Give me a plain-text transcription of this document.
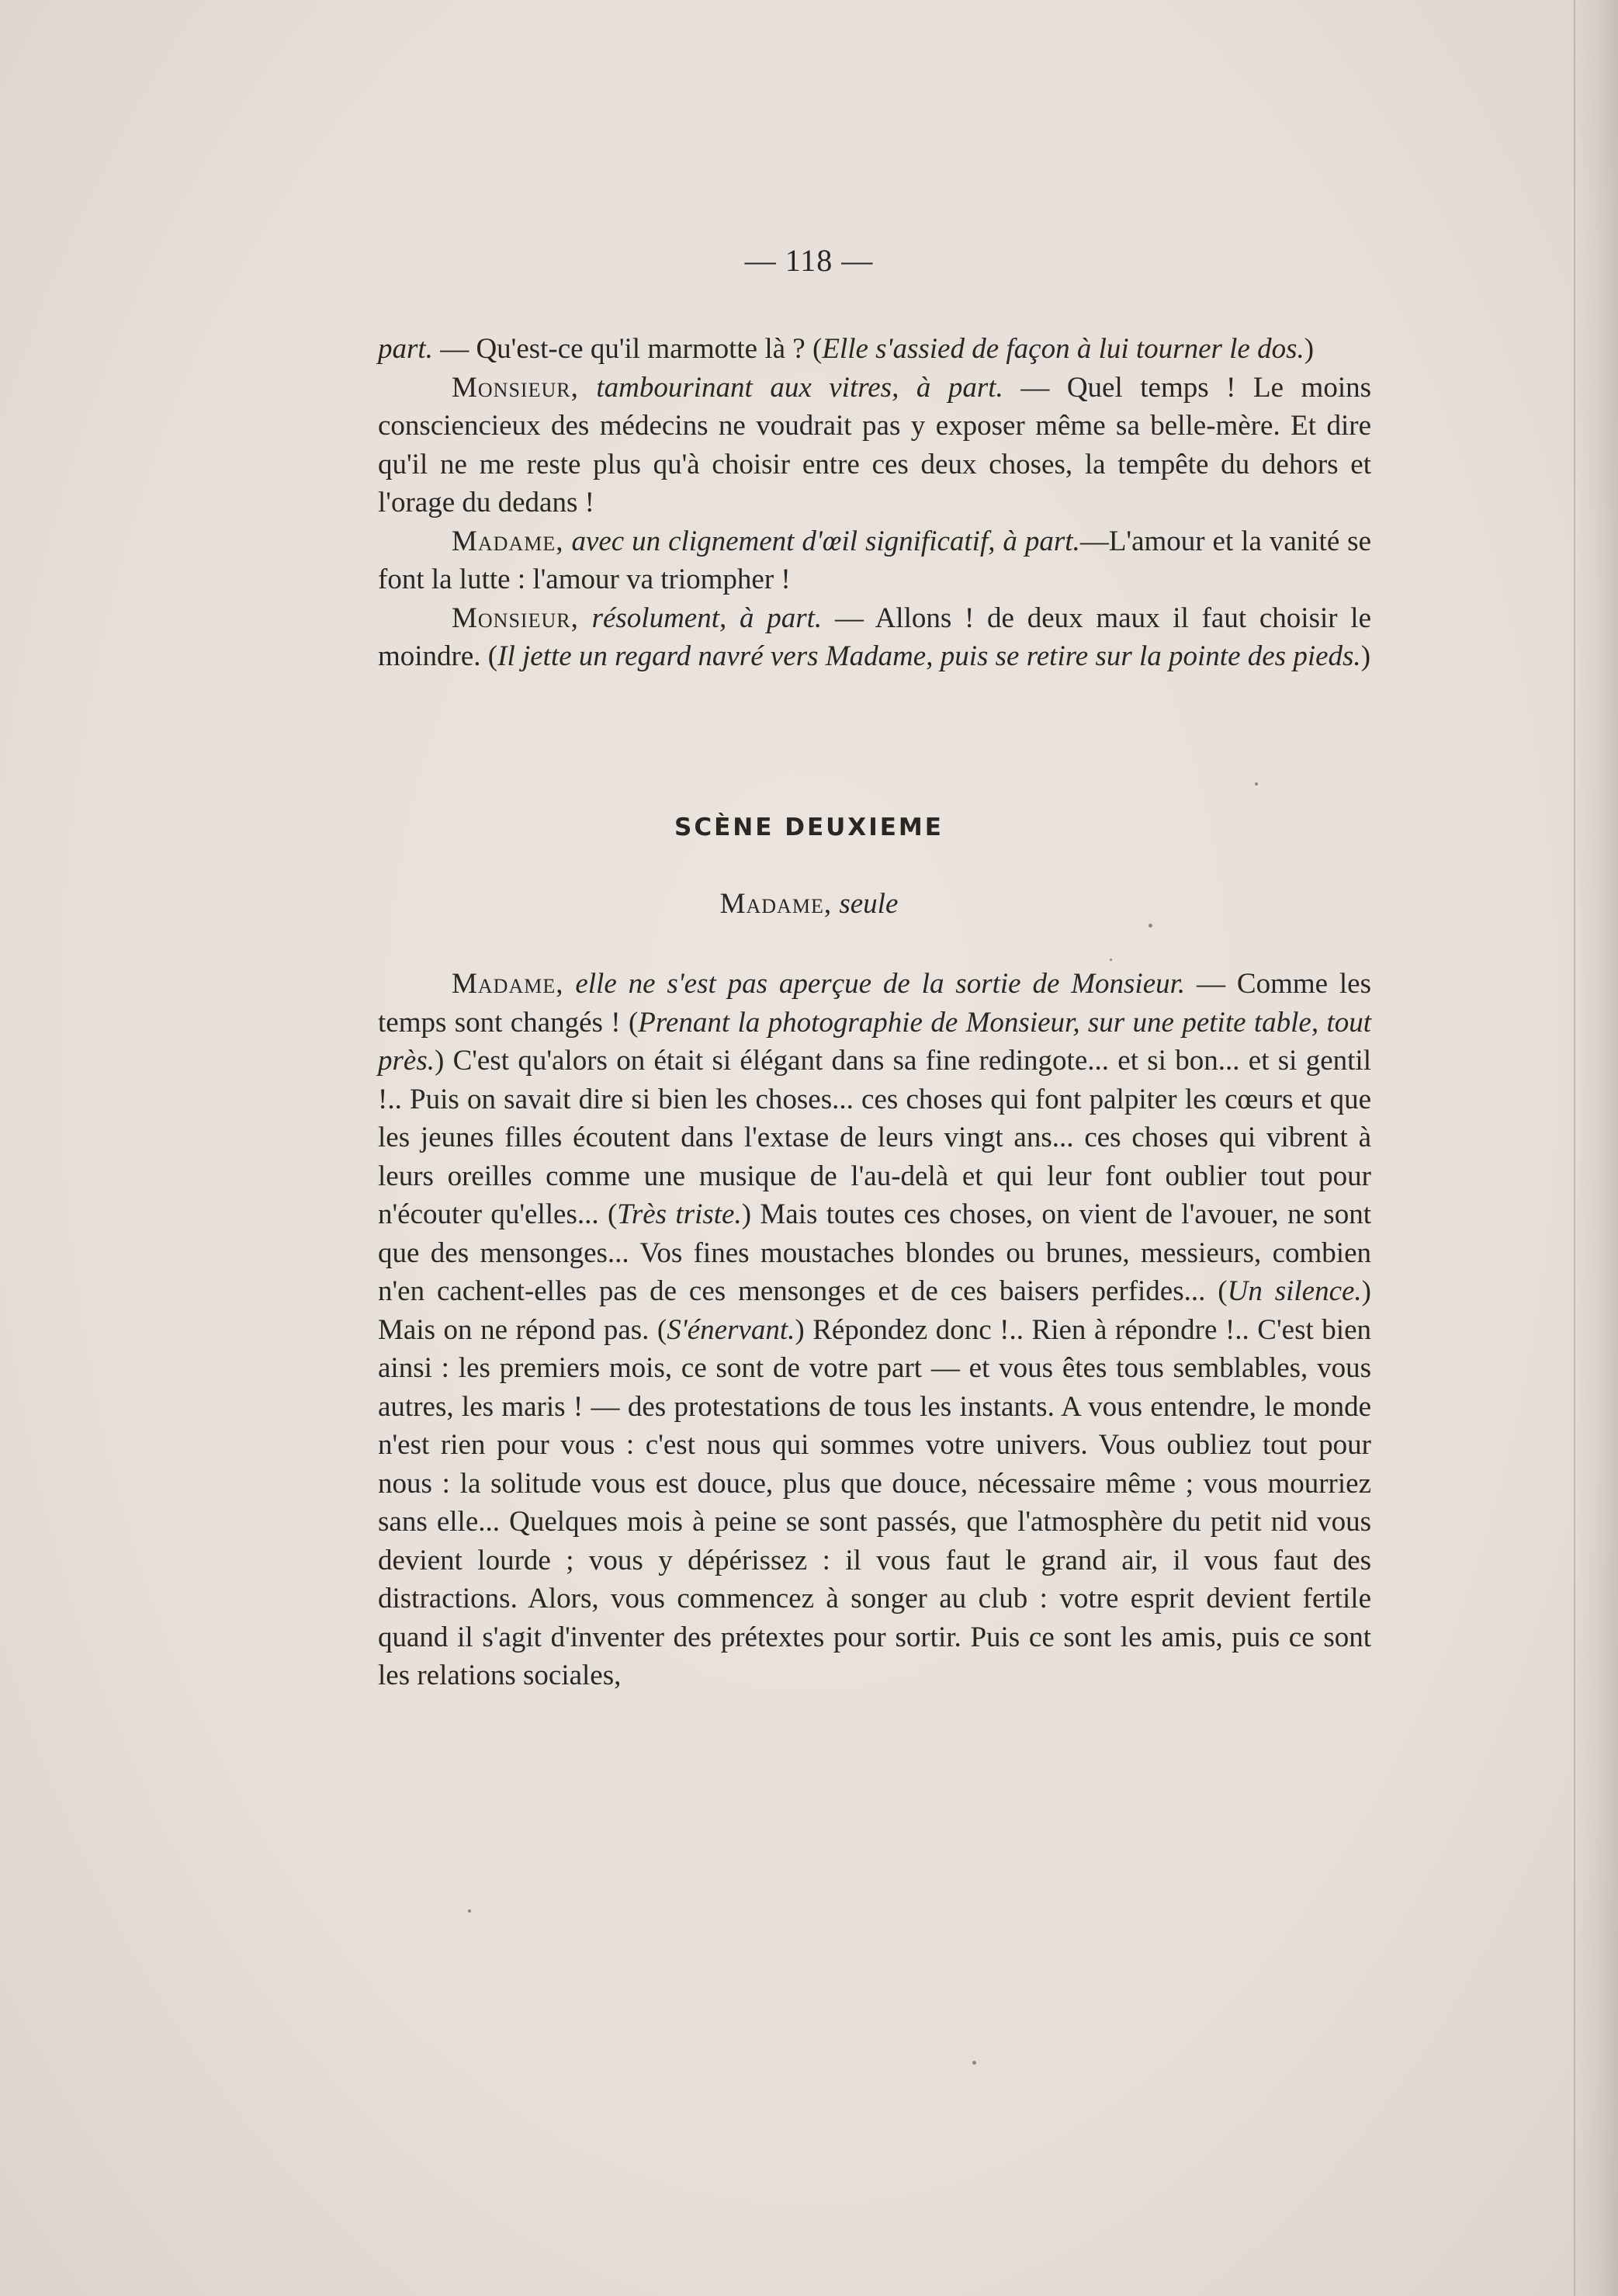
— 118 —

part. — Qu'est-ce qu'il marmotte là ? (Elle s'assied de façon à lui tourner le dos.)

Monsieur, tambourinant aux vitres, à part. — Quel temps ! Le moins consciencieux des médecins ne voudrait pas y exposer même sa belle-mère. Et dire qu'il ne me reste plus qu'à choisir entre ces deux choses, la tempête du dehors et l'orage du dedans !

Madame, avec un clignement d'œil significatif, à part.—L'amour et la vanité se font la lutte : l'amour va triompher !

Monsieur, résolument, à part. — Allons ! de deux maux il faut choisir le moindre. (Il jette un regard navré vers Madame, puis se retire sur la pointe des pieds.)

SCÈNE DEUXIEME
Madame, seule

Madame, elle ne s'est pas aperçue de la sortie de Monsieur. — Comme les temps sont changés ! (Prenant la photographie de Monsieur, sur une petite table, tout près.) C'est qu'alors on était si élégant dans sa fine redingote... et si bon... et si gentil !.. Puis on savait dire si bien les choses... ces choses qui font palpiter les cœurs et que les jeunes filles écoutent dans l'extase de leurs vingt ans... ces choses qui vibrent à leurs oreilles comme une musique de l'au-delà et qui leur font oublier tout pour n'écouter qu'elles... (Très triste.) Mais toutes ces choses, on vient de l'avouer, ne sont que des mensonges... Vos fines moustaches blondes ou brunes, messieurs, combien n'en cachent-elles pas de ces mensonges et de ces baisers perfides... (Un silence.) Mais on ne répond pas. (S'énervant.) Répondez donc !.. Rien à répondre !.. C'est bien ainsi : les premiers mois, ce sont de votre part — et vous êtes tous semblables, vous autres, les maris ! — des protestations de tous les instants. A vous entendre, le monde n'est rien pour vous : c'est nous qui sommes votre univers. Vous oubliez tout pour nous : la solitude vous est douce, plus que douce, nécessaire même ; vous mourriez sans elle... Quelques mois à peine se sont passés, que l'atmosphère du petit nid vous devient lourde ; vous y dépérissez : il vous faut le grand air, il vous faut des distractions. Alors, vous commencez à songer au club : votre esprit devient fertile quand il s'agit d'inventer des prétextes pour sortir. Puis ce sont les amis, puis ce sont les relations sociales,
